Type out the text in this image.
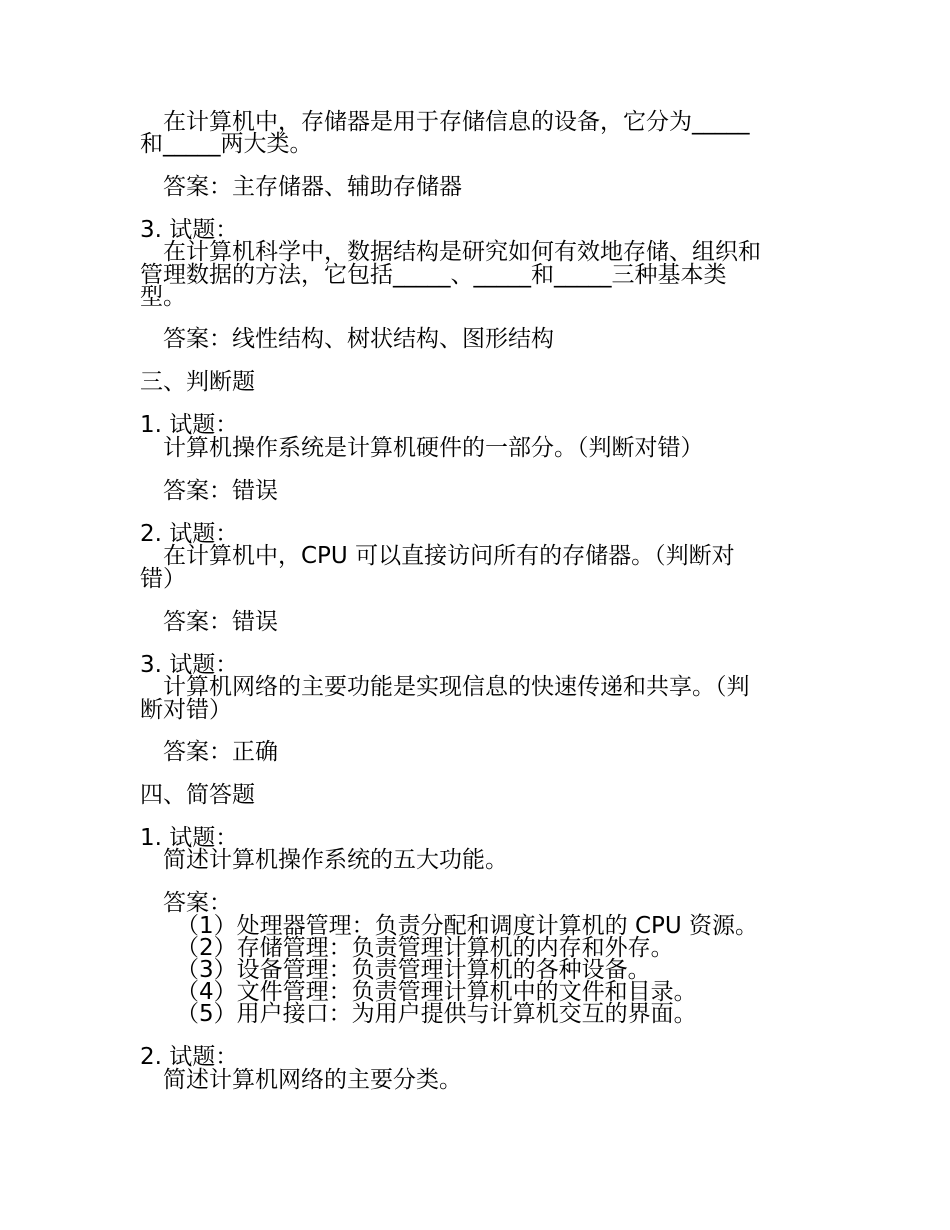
在计算机中，存储器是用于存储信息的设备，它分为_____
和_____两大类。
答案：主存储器、辅助存储器
3. 试题：
在计算机科学中，数据结构是研究如何有效地存储、组织和
管理数据的方法，它包括_____、_____和_____三种基本类
型。
答案：线性结构、树状结构、图形结构
三、判断题
1. 试题：
计算机操作系统是计算机硬件的一部分。（判断对错）
答案：错误
2. 试题：
在计算机中，CPU 可以直接访问所有的存储器。（判断对
错）
答案：错误
3. 试题：
计算机网络的主要功能是实现信息的快速传递和共享。（判
断对错）
答案：正确
四、简答题
1. 试题：
简述计算机操作系统的五大功能。
答案：
（1）处理器管理：负责分配和调度计算机的 CPU 资源。
（2）存储管理：负责管理计算机的内存和外存。
（3）设备管理：负责管理计算机的各种设备。
（4）文件管理：负责管理计算机中的文件和目录。
（5）用户接口：为用户提供与计算机交互的界面。
2. 试题：
简述计算机网络的主要分类。
